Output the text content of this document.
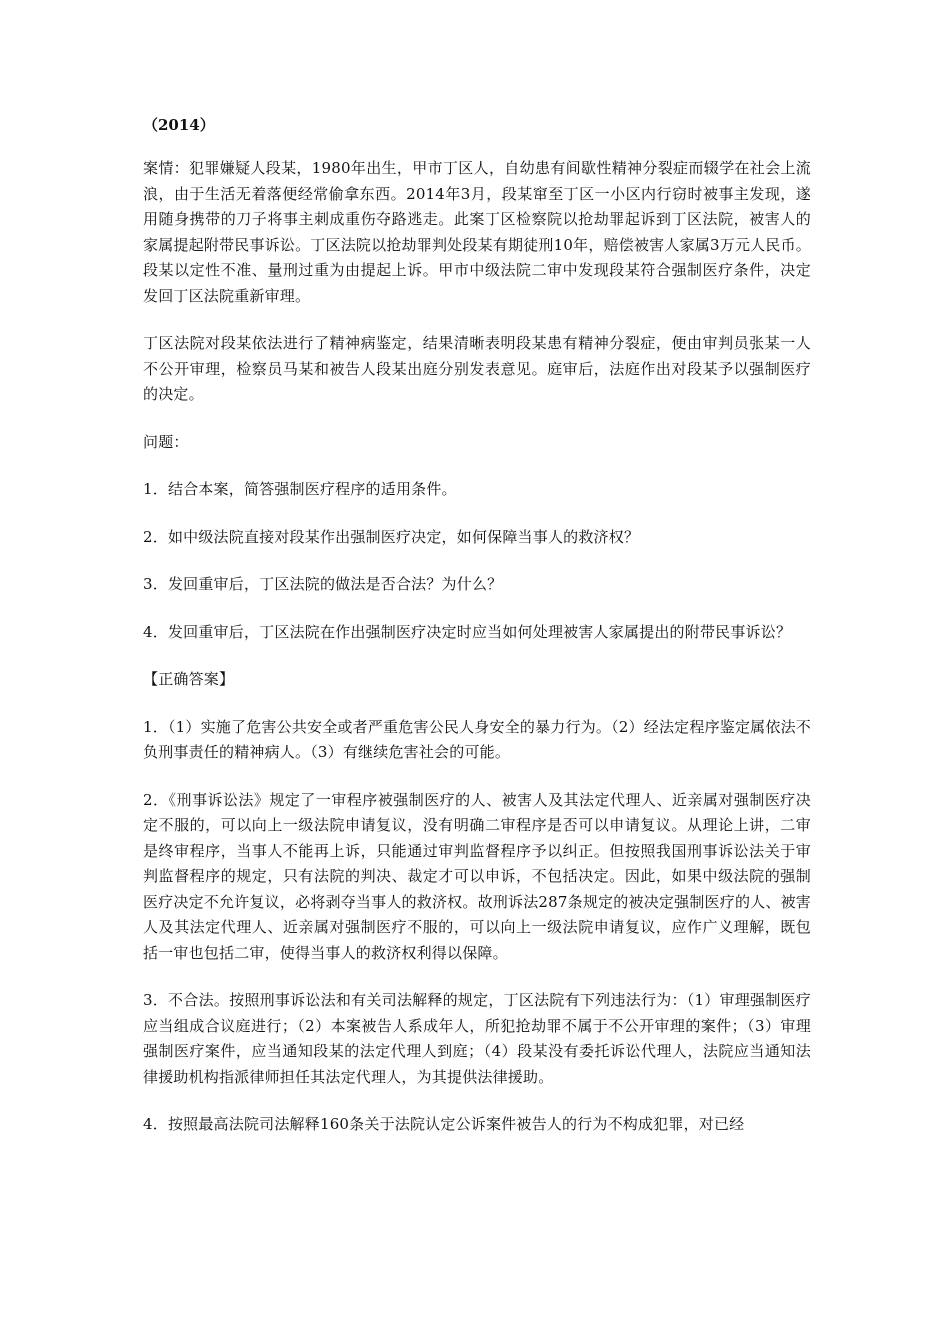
（2014）

案情：犯罪嫌疑人段某，1980年出生，甲市丁区人，自幼患有间歇性精神分裂症而辍学在社会上流浪，由于生活无着落便经常偷拿东西。2014年3月，段某窜至丁区一小区内行窃时被事主发现，遂用随身携带的刀子将事主刺成重伤夺路逃走。此案丁区检察院以抢劫罪起诉到丁区法院，被害人的家属提起附带民事诉讼。丁区法院以抢劫罪判处段某有期徒刑10年，赔偿被害人家属3万元人民币。段某以定性不准、量刑过重为由提起上诉。甲市中级法院二审中发现段某符合强制医疗条件，决定发回丁区法院重新审理。

丁区法院对段某依法进行了精神病鉴定，结果清晰表明段某患有精神分裂症，便由审判员张某一人不公开审理，检察员马某和被告人段某出庭分别发表意见。庭审后，法庭作出对段某予以强制医疗的决定。

问题：

1．结合本案，简答强制医疗程序的适用条件。

2．如中级法院直接对段某作出强制医疗决定，如何保障当事人的救济权？

3．发回重审后，丁区法院的做法是否合法？为什么？

4．发回重审后，丁区法院在作出强制医疗决定时应当如何处理被害人家属提出的附带民事诉讼？

【正确答案】

1．（1）实施了危害公共安全或者严重危害公民人身安全的暴力行为。（2）经法定程序鉴定属依法不负刑事责任的精神病人。（3）有继续危害社会的可能。

2．《刑事诉讼法》规定了一审程序被强制医疗的人、被害人及其法定代理人、近亲属对强制医疗决定不服的，可以向上一级法院申请复议，没有明确二审程序是否可以申请复议。从理论上讲，二审是终审程序，当事人不能再上诉，只能通过审判监督程序予以纠正。但按照我国刑事诉讼法关于审判监督程序的规定，只有法院的判决、裁定才可以申诉，不包括决定。因此，如果中级法院的强制医疗决定不允许复议，必将剥夺当事人的救济权。故刑诉法287条规定的被决定强制医疗的人、被害人及其法定代理人、近亲属对强制医疗不服的，可以向上一级法院申请复议，应作广义理解，既包括一审也包括二审，使得当事人的救济权利得以保障。

3．不合法。按照刑事诉讼法和有关司法解释的规定，丁区法院有下列违法行为：（1）审理强制医疗应当组成合议庭进行；（2）本案被告人系成年人，所犯抢劫罪不属于不公开审理的案件；（3）审理强制医疗案件，应当通知段某的法定代理人到庭；（4）段某没有委托诉讼代理人，法院应当通知法律援助机构指派律师担任其法定代理人，为其提供法律援助。

4．按照最高法院司法解释160条关于法院认定公诉案件被告人的行为不构成犯罪，对已经
